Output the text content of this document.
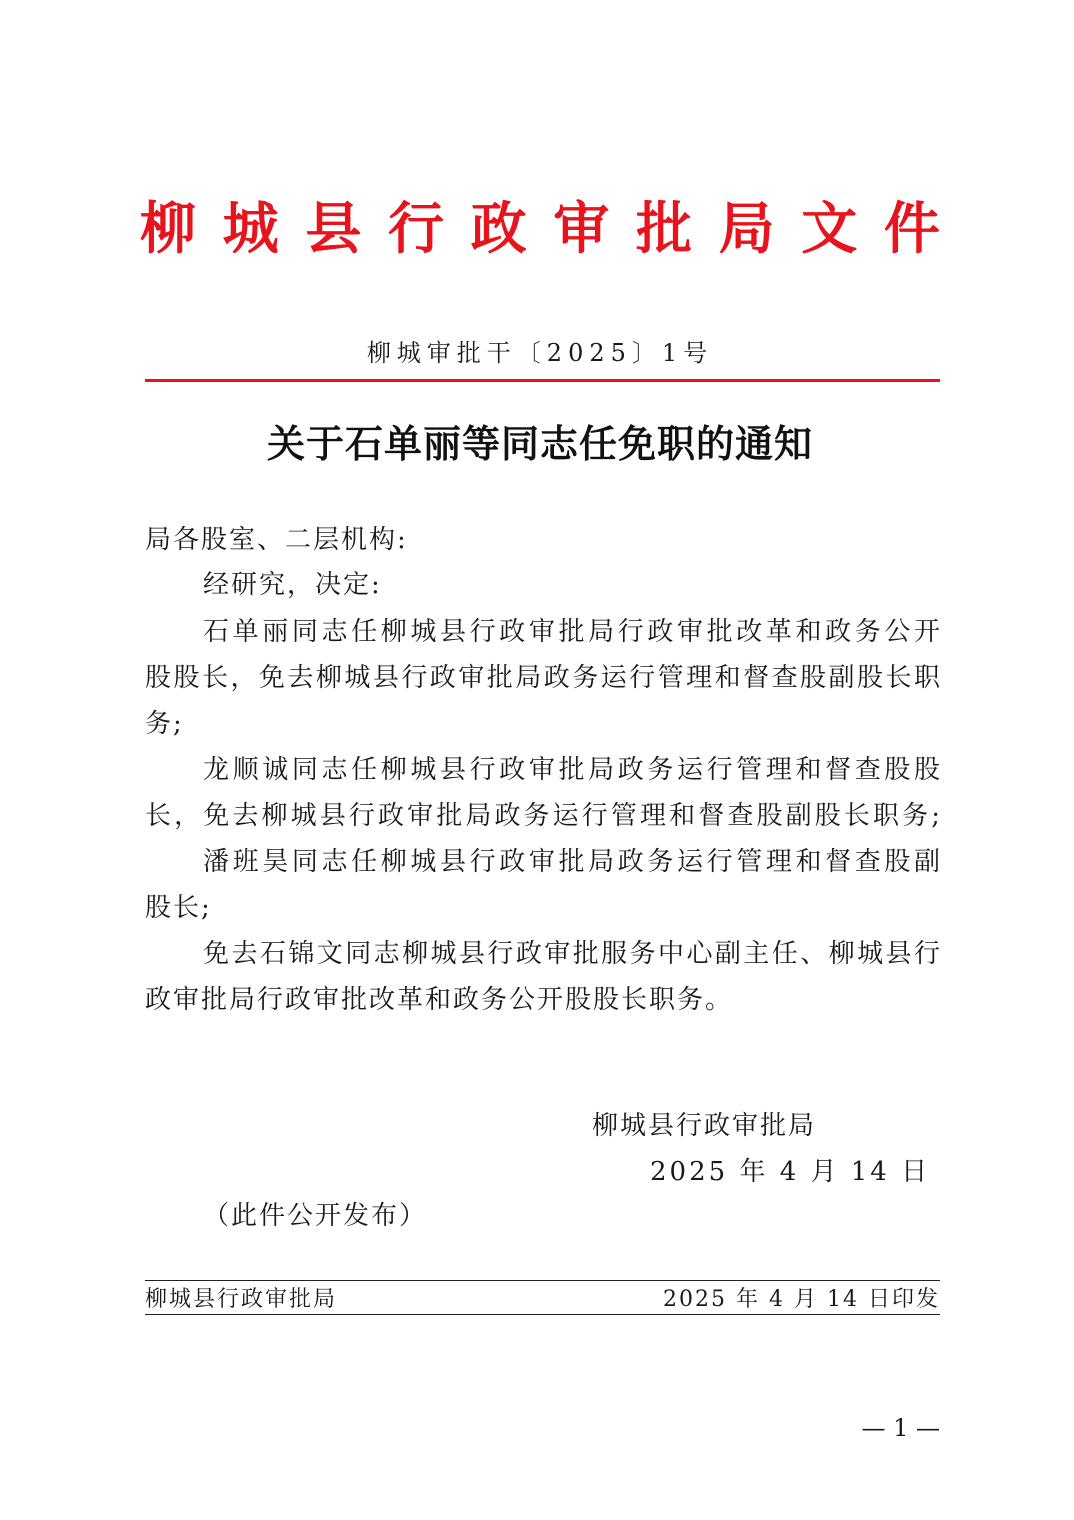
柳 城 县 行 政 审 批 局 文 件
柳城审批干〔2025〕1号
关于石单丽等同志任免职的通知
局各股室、二层机构:
经研究，决定:
石单丽同志任柳城县行政审批局行政审批改革和政务公开
股股长，免去柳城县行政审批局政务运行管理和督查股副股长职
务;
龙顺诚同志任柳城县行政审批局政务运行管理和督查股股
长，免去柳城县行政审批局政务运行管理和督查股副股长职务;
潘班昊同志任柳城县行政审批局政务运行管理和督查股副
股长;
免去石锦文同志柳城县行政审批服务中心副主任、柳城县行
政审批局行政审批改革和政务公开股股长职务。
柳城县行政审批局
2025 年 4 月 14 日
（此件公开发布）
柳城县行政审批局	2025 年 4 月 14 日印发
— 1 —
